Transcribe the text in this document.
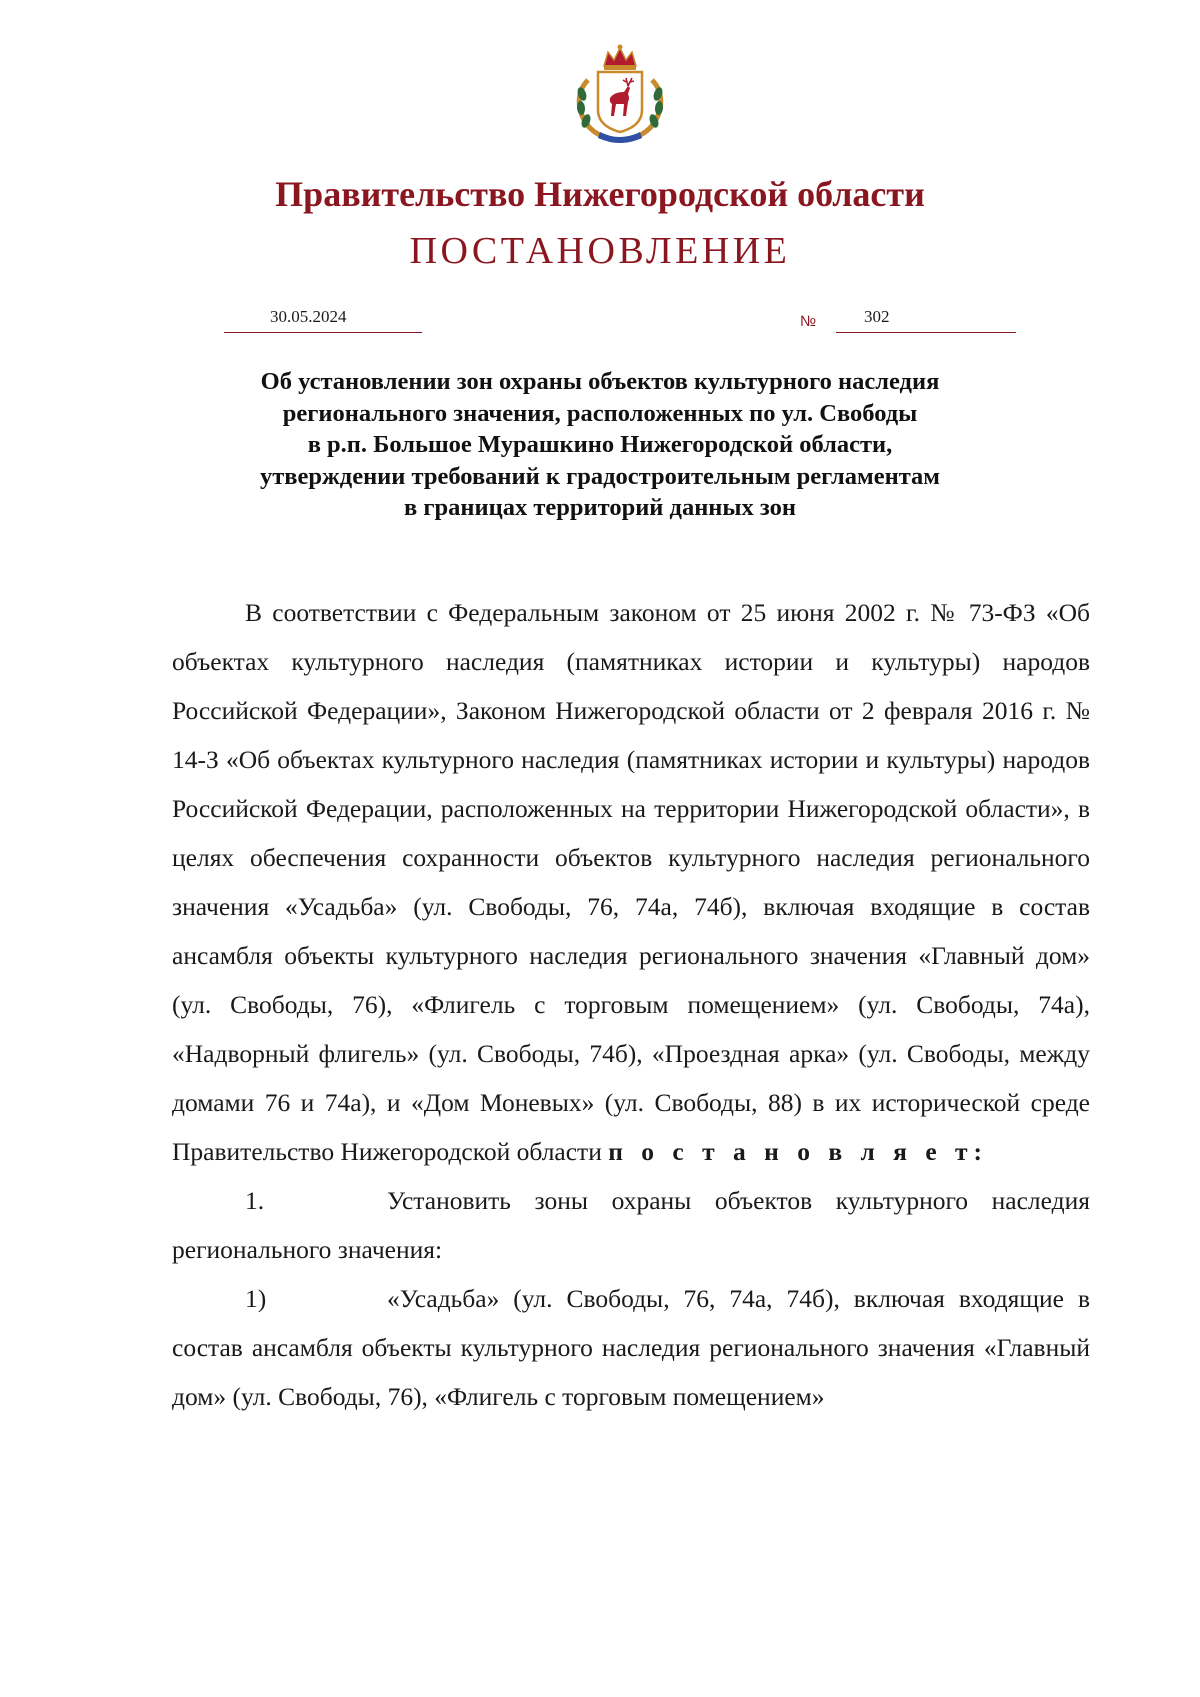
Правительство Нижегородской области
ПОСТАНОВЛЕНИЕ
30.05.2024	№	302
Об установлении зон охраны объектов культурного наследия
регионального значения, расположенных по ул. Свободы
в р.п. Большое Мурашкино Нижегородской области,
утверждении требований к градостроительным регламентам
в границах территорий данных зон

В соответствии с Федеральным законом от 25 июня 2002 г. № 73-ФЗ «Об объектах культурного наследия (памятниках истории и культуры) народов Российской Федерации», Законом Нижегородской области от 2 февраля 2016 г. № 14-З «Об объектах культурного наследия (памятниках истории и культуры) народов Российской Федерации, расположенных на территории Нижегородской области», в целях обеспечения сохранности объектов культурного наследия регионального значения «Усадьба» (ул. Свободы, 76, 74а, 74б), включая входящие в состав ансамбля объекты культурного наследия регионального значения «Главный дом» (ул. Свободы, 76), «Флигель с торговым помещением» (ул. Свободы, 74а), «Надворный флигель» (ул. Свободы, 74б), «Проездная арка» (ул. Свободы, между домами 76 и 74а), и «Дом Моневых» (ул. Свободы, 88) в их исторической среде Правительство Нижегородской области п о с т а н о в л я е т:

1.	Установить зоны охраны объектов культурного наследия регионального значения:

1)	«Усадьба» (ул. Свободы, 76, 74а, 74б), включая входящие в состав ансамбля объекты культурного наследия регионального значения «Главный дом» (ул. Свободы, 76), «Флигель с торговым помещением»
